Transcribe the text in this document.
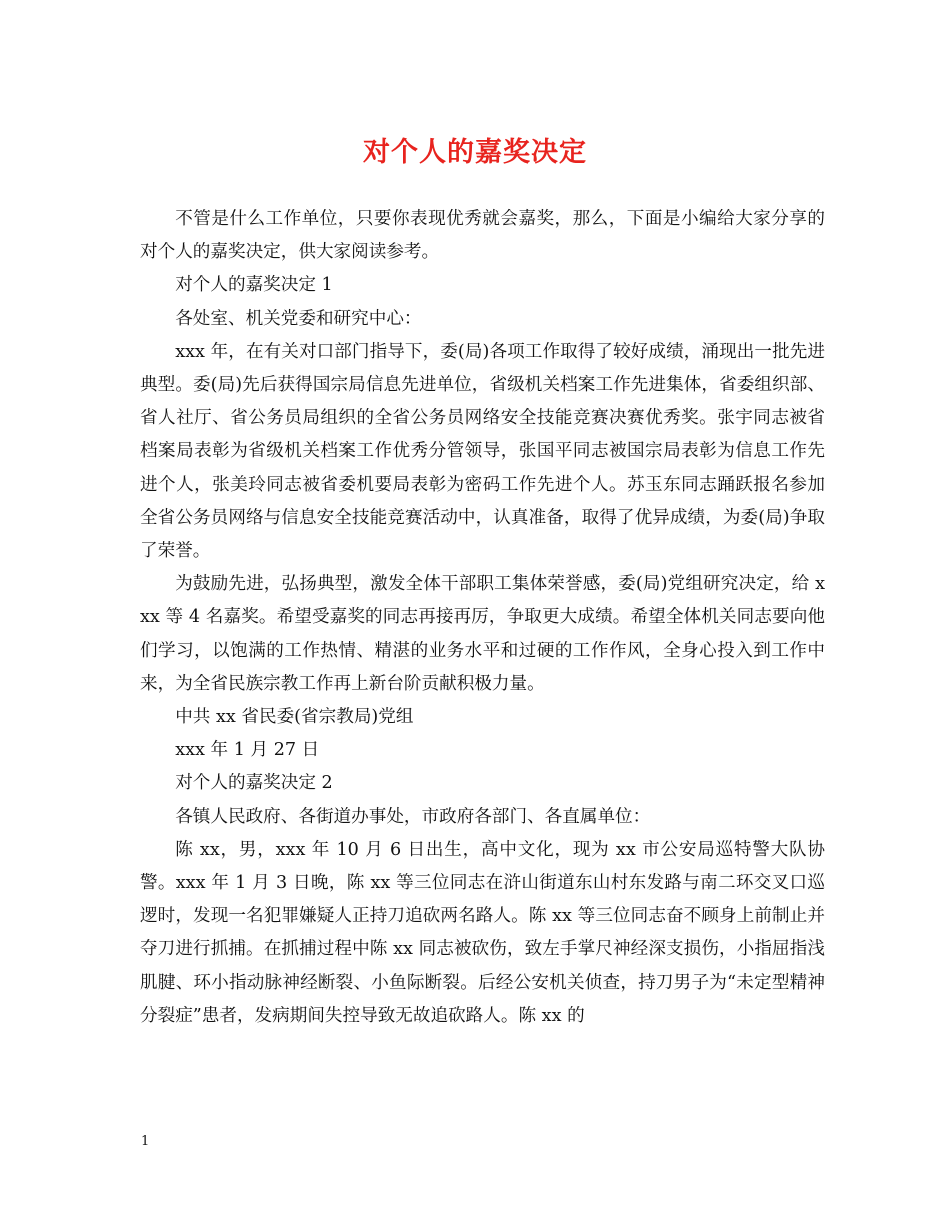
对个人的嘉奖决定

不管是什么工作单位，只要你表现优秀就会嘉奖，那么，下面是小编给大家分享的对个人的嘉奖决定，供大家阅读参考。

对个人的嘉奖决定 1

各处室、机关党委和研究中心：

xxx 年，在有关对口部门指导下，委(局)各项工作取得了较好成绩，涌现出一批先进典型。委(局)先后获得国宗局信息先进单位，省级机关档案工作先进集体，省委组织部、省人社厅、省公务员局组织的全省公务员网络安全技能竞赛决赛优秀奖。张宇同志被省档案局表彰为省级机关档案工作优秀分管领导，张国平同志被国宗局表彰为信息工作先进个人，张美玲同志被省委机要局表彰为密码工作先进个人。苏玉东同志踊跃报名参加全省公务员网络与信息安全技能竞赛活动中，认真准备，取得了优异成绩，为委(局)争取了荣誉。

为鼓励先进，弘扬典型，激发全体干部职工集体荣誉感，委(局)党组研究决定，给 xxx 等 4 名嘉奖。希望受嘉奖的同志再接再厉，争取更大成绩。希望全体机关同志要向他们学习，以饱满的工作热情、精湛的业务水平和过硬的工作作风，全身心投入到工作中来，为全省民族宗教工作再上新台阶贡献积极力量。

中共 xx 省民委(省宗教局)党组

xxx 年 1 月 27 日

对个人的嘉奖决定 2

各镇人民政府、各街道办事处，市政府各部门、各直属单位：

陈 xx，男，xxx 年 10 月 6 日出生，高中文化，现为 xx 市公安局巡特警大队协警。xxx 年 1 月 3 日晚，陈 xx 等三位同志在浒山街道东山村东发路与南二环交叉口巡逻时，发现一名犯罪嫌疑人正持刀追砍两名路人。陈 xx 等三位同志奋不顾身上前制止并夺刀进行抓捕。在抓捕过程中陈 xx 同志被砍伤，致左手掌尺神经深支损伤，小指屈指浅肌腱、环小指动脉神经断裂、小鱼际断裂。后经公安机关侦查，持刀男子为“未定型精神分裂症”患者，发病期间失控导致无故追砍路人。陈 xx 的

1
